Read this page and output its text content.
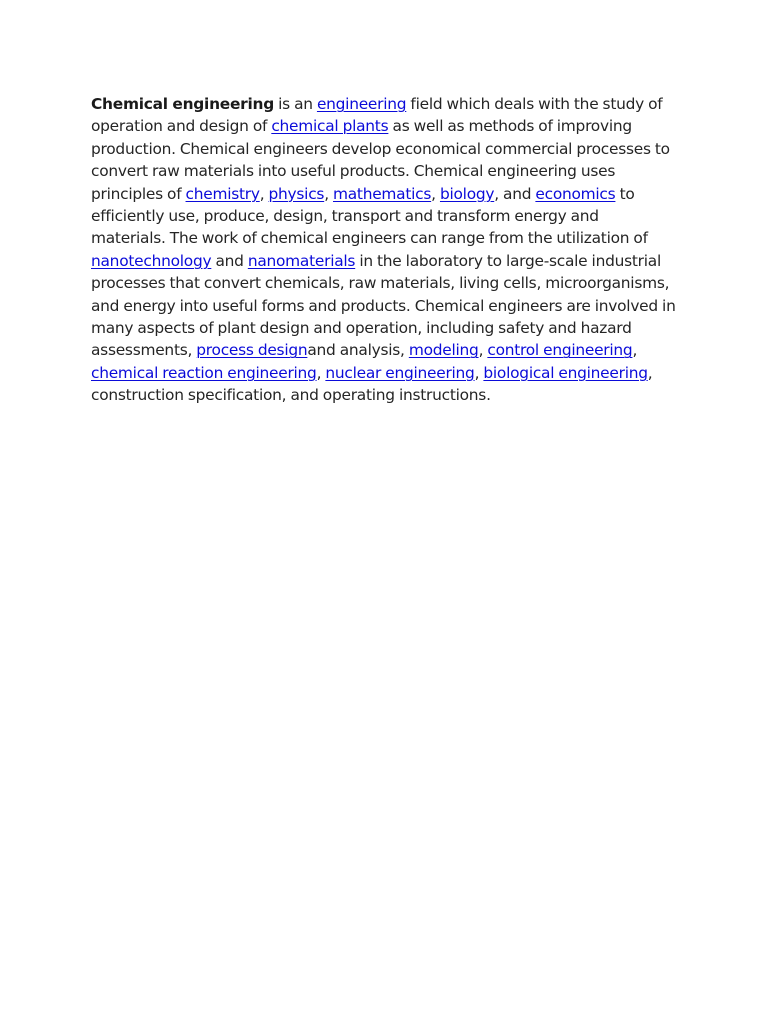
Chemical engineering is an engineering field which deals with the study of operation and design of chemical plants as well as methods of improving production. Chemical engineers develop economical commercial processes to convert raw materials into useful products. Chemical engineering uses principles of chemistry, physics, mathematics, biology, and economics to efficiently use, produce, design, transport and transform energy and materials. The work of chemical engineers can range from the utilization of nanotechnology and nanomaterials in the laboratory to large-scale industrial processes that convert chemicals, raw materials, living cells, microorganisms, and energy into useful forms and products. Chemical engineers are involved in many aspects of plant design and operation, including safety and hazard assessments, process designand analysis, modeling, control engineering, chemical reaction engineering, nuclear engineering, biological engineering, construction specification, and operating instructions.
